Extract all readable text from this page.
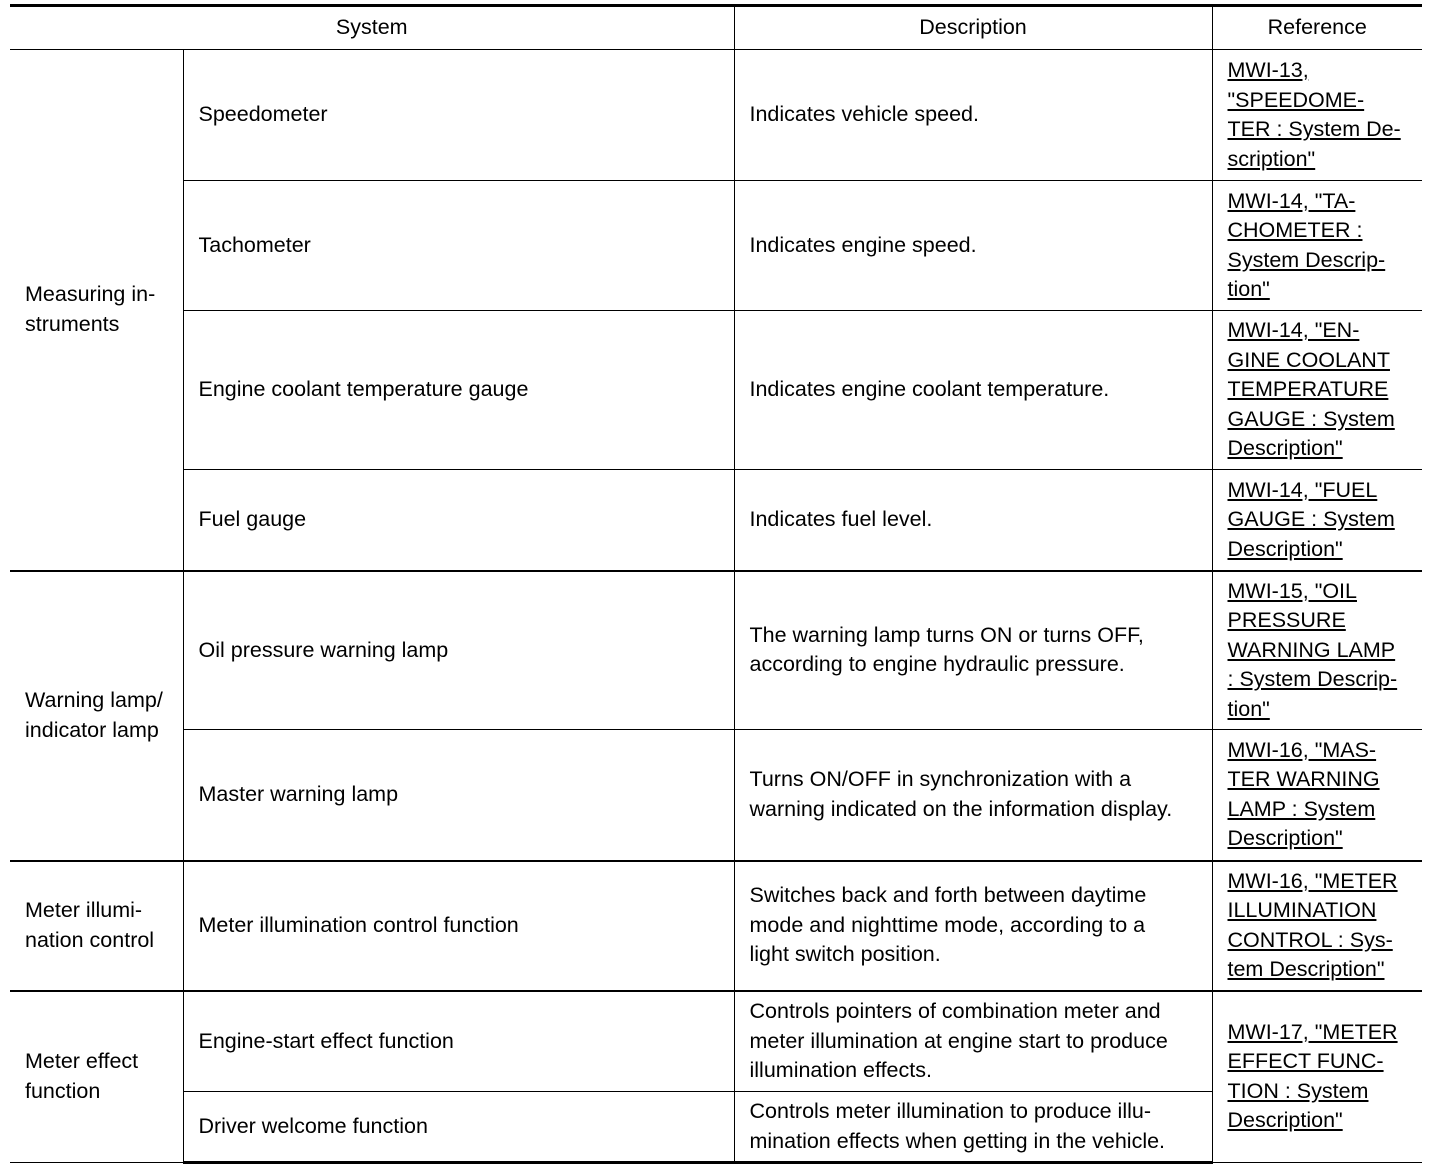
System		Description	Reference
Measuring in-
struments	Speedometer	Indicates vehicle speed.	MWI-13, "SPEEDOME-
TER : System De-
scription"

	Tachometer	Indicates engine speed.	MWI-14, "TA-
CHOMETER :
System Descrip-
tion"

	Engine coolant temperature gauge	Indicates engine coolant temperature.	MWI-14, "EN-
GINE COOLANT
TEMPERATURE
GAUGE : System
Description"

	Fuel gauge	Indicates fuel level.	MWI-14, "FUEL
GAUGE : System
Description"

Warning lamp/
indicator lamp	Oil pressure warning lamp	The warning lamp turns ON or turns OFF,
according to engine hydraulic pressure.	MWI-15, "OIL
PRESSURE
WARNING LAMP
: System Descrip-
tion"

	Master warning lamp	Turns ON/OFF in synchronization with a
warning indicated on the information display.	MWI-16, "MAS-
TER WARNING
LAMP : System
Description"

Meter illumi-
nation control	Meter illumination control function	Switches back and forth between daytime
mode and nighttime mode, according to a
light switch position.	MWI-16, "METER
ILLUMINATION
CONTROL : Sys-
tem Description"

Meter effect
function	Engine-start effect function	Controls pointers of combination meter and
meter illumination at engine start to produce
illumination effects.	MWI-17, "METER
EFFECT FUNC-
TION : System
Description"

	Driver welcome function	Controls meter illumination to produce illu-
mination effects when getting in the vehicle.	
